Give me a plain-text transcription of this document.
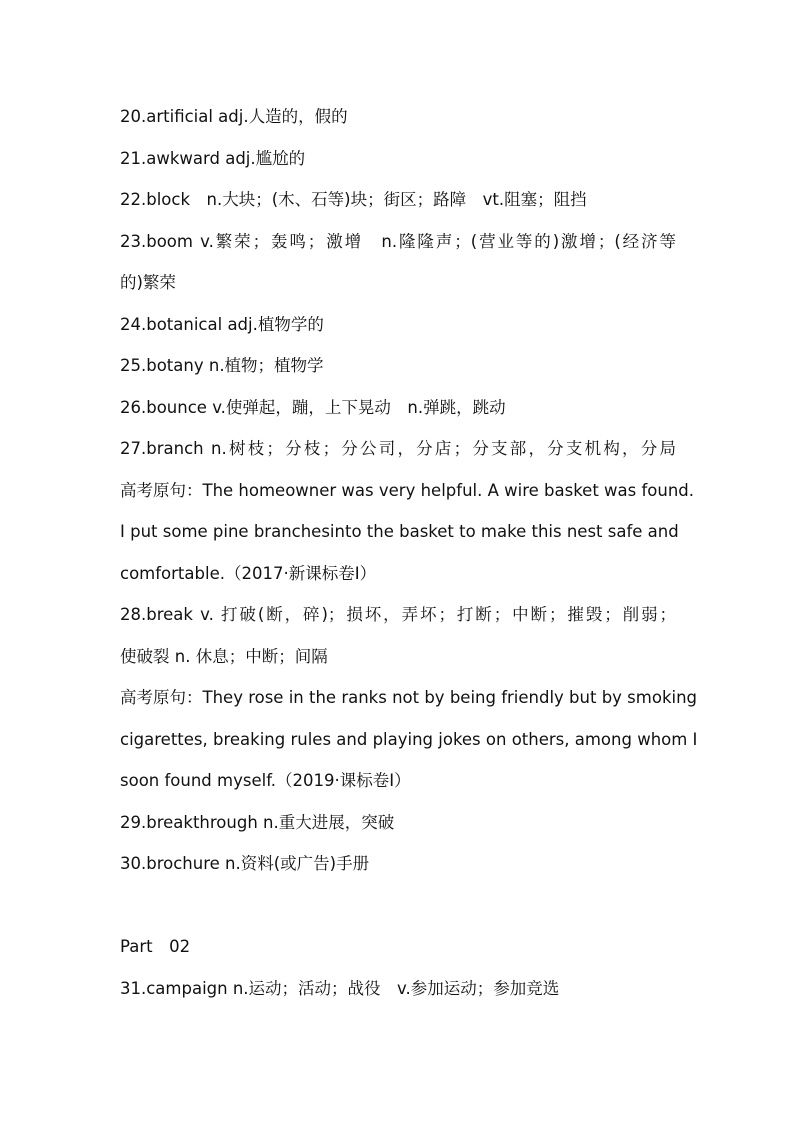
20.artificial adj.人造的，假的
21.awkward adj.尴尬的
22.block　n.大块；(木、石等)块；街区；路障　vt.阻塞；阻挡
23.boom v.繁荣；轰鸣；激增　n.隆隆声；(营业等的)激增；(经济等
的)繁荣
24.botanical adj.植物学的
25.botany n.植物；植物学
26.bounce v.使弹起，蹦，上下晃动　n.弹跳，跳动
27.branch n.树枝；分枝；分公司，分店；分支部，分支机构，分局
高考原句：The homeowner was very helpful. A wire basket was found.
I put some pine branchesinto the basket to make this nest safe and
comfortable.（2017·新课标卷Ⅰ）
28.break v. 打破(断，碎)；损坏，弄坏；打断；中断；摧毁；削弱；
使破裂 n. 休息；中断；间隔
高考原句：They rose in the ranks not by being friendly but by smoking
cigarettes, breaking rules and playing jokes on others, among whom I
soon found myself.（2019·课标卷Ⅰ）
29.breakthrough n.重大进展，突破
30.brochure n.资料(或广告)手册
Part　02
31.campaign n.运动；活动；战役　v.参加运动；参加竞选
